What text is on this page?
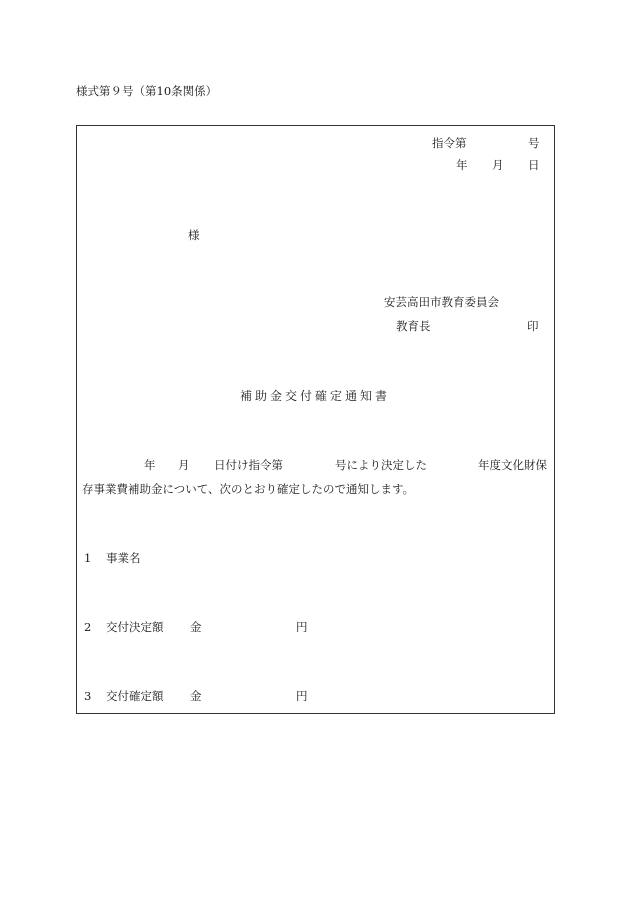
様式第９号（第10条関係）
指令第	号
年 月 日
様
安芸高田市教育委員会
教育長	印
補助金交付確定通知書
年 月 日付け指令第	号により決定した	年度文化財保
存事業費補助金について、次のとおり確定したので通知します。
1 事業名
2 交付決定額 金	円
3 交付確定額 金	円
